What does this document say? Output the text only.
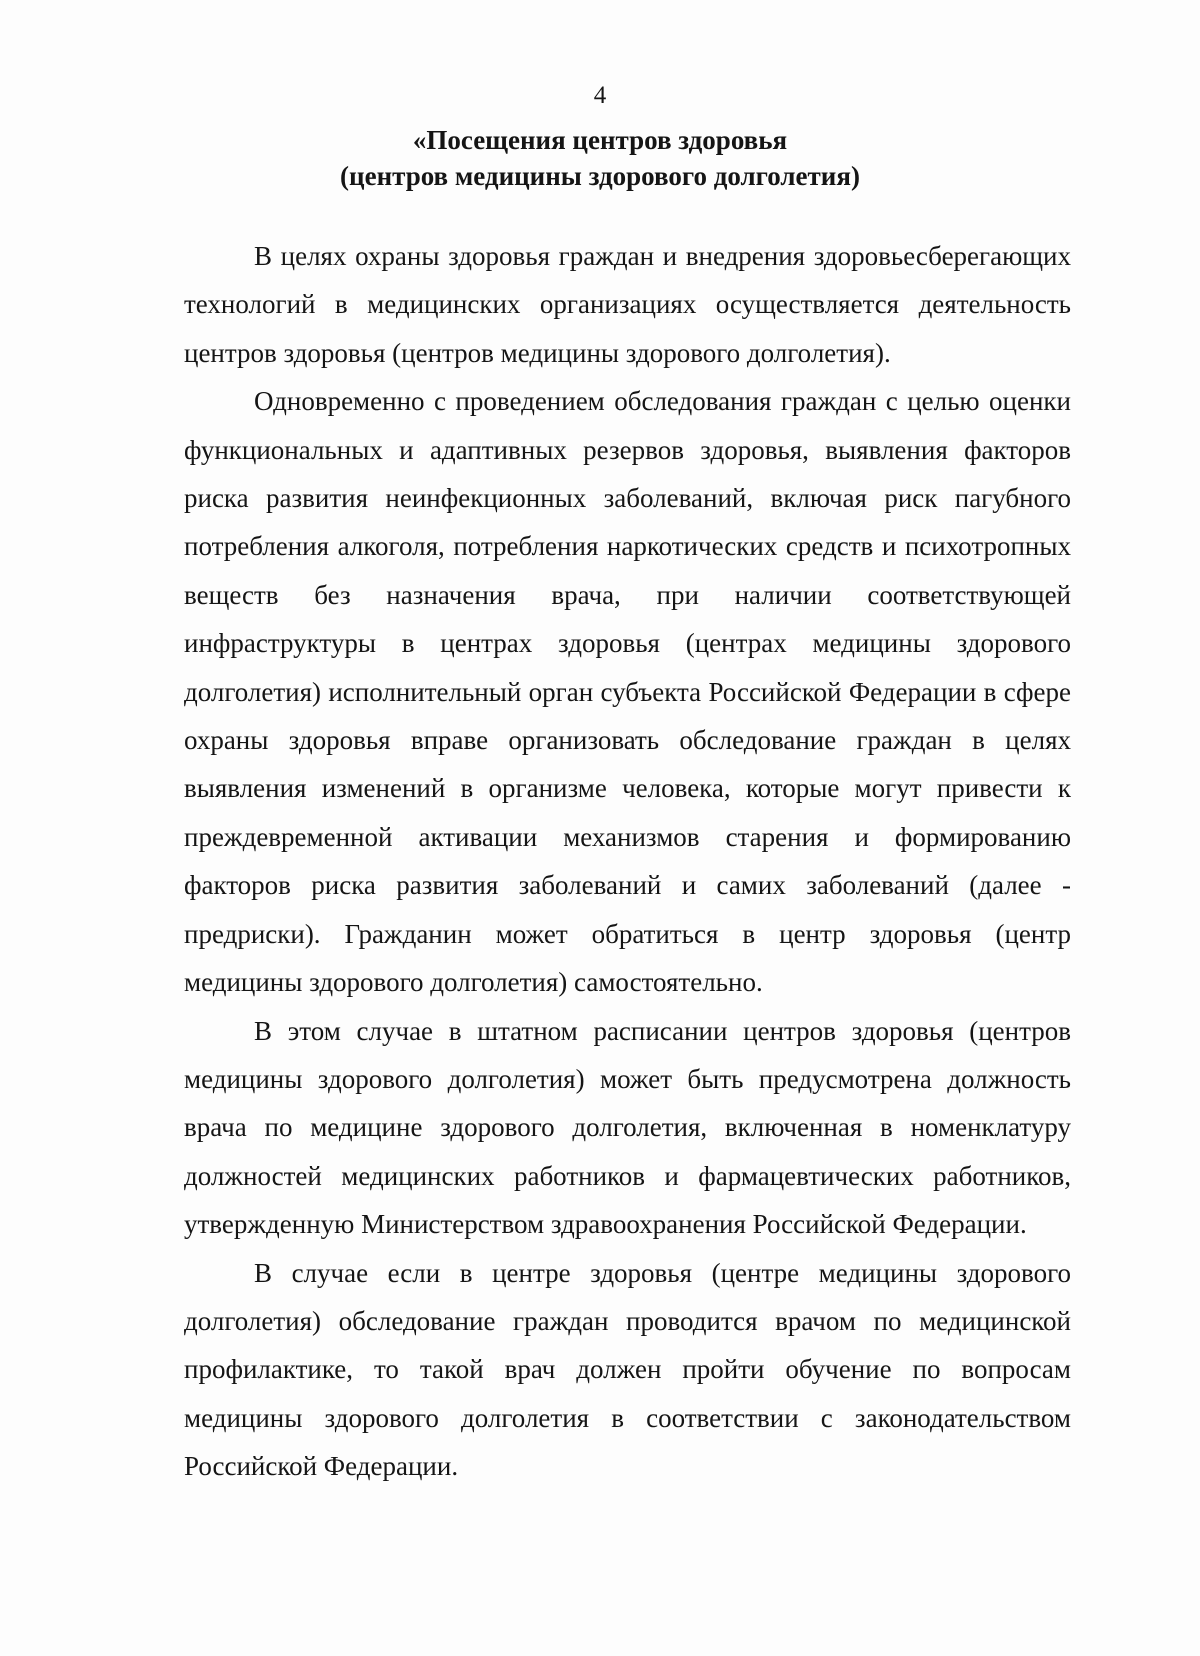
4
«Посещения центров здоровья
(центров медицины здорового долголетия)

В целях охраны здоровья граждан и внедрения здоровьесберегающих технологий в медицинских организациях осуществляется деятельность центров здоровья (центров медицины здорового долголетия).

Одновременно с проведением обследования граждан с целью оценки функциональных и адаптивных резервов здоровья, выявления факторов риска развития неинфекционных заболеваний, включая риск пагубного потребления алкоголя, потребления наркотических средств и психотропных веществ без назначения врача, при наличии соответствующей инфраструктуры в центрах здоровья (центрах медицины здорового долголетия) исполнительный орган субъекта Российской Федерации в сфере охраны здоровья вправе организовать обследование граждан в целях выявления изменений в организме человека, которые могут привести к преждевременной активации механизмов старения и формированию факторов риска развития заболеваний и самих заболеваний (далее - предриски). Гражданин может обратиться в центр здоровья (центр медицины здорового долголетия) самостоятельно.

В этом случае в штатном расписании центров здоровья (центров медицины здорового долголетия) может быть предусмотрена должность врача по медицине здорового долголетия, включенная в номенклатуру должностей медицинских работников и фармацевтических работников, утвержденную Министерством здравоохранения Российской Федерации.

В случае если в центре здоровья (центре медицины здорового долголетия) обследование граждан проводится врачом по медицинской профилактике, то такой врач должен пройти обучение по вопросам медицины здорового долголетия в соответствии с законодательством Российской Федерации.
